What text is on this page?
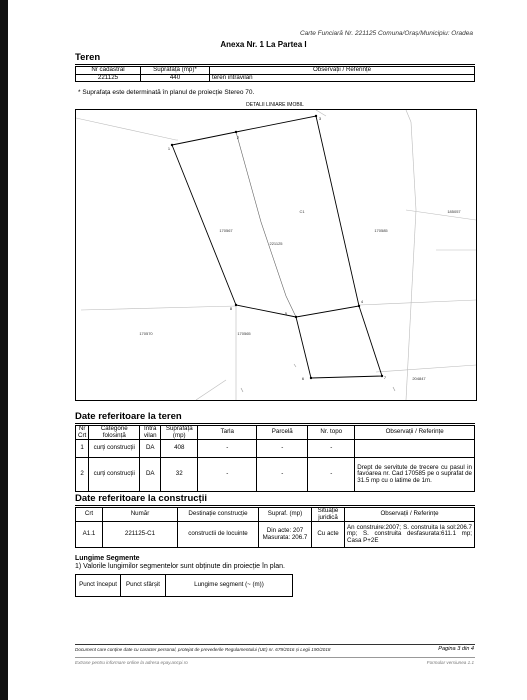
Carte Funciară Nr. 221125 Comuna/Oraș/Municipiu: Oradea
Anexa Nr. 1 La Partea I
Teren
Nr cadastral	Suprafața (mp)*	Observații / Referințe
221125	440	teren intravilan
* Suprafața este determinată în planul de proiecție Stereo 70.
1
2
3
4
5
6	7
8
221125
C1
170567	170585
185057
170570	170565
204847
DETALII LINIARE IMOBIL
Date referitoare la teren
Nr Crt	Categorie folosință	Intra vilan	Suprafața (mp)	Tarla	Parcelă	Nr. topo	Observații / Referințe
1	curți construcții	DA	408	-	-	-	
2	curți construcții	DA	32	-	-	-	Drept de servitute de trecere cu pasul in favoarea nr. Cad 170585 pe o suprafat de 31.5 mp cu o latime de 1m.
Date referitoare la construcții
Crt	Număr	Destinație construcție	Supraf. (mp)	Situație juridică	Observații / Referințe
A1.1	221125-C1	constructii de locuinte	Din acte: 207
Masurata: 206.7	Cu acte	An construire:2007; S. construita la sol:206.7 mp; S. construita desfasurata:611.1 mp; Casa P+2E
Lungime Segmente
1) Valorile lungimilor segmentelor sunt obținute din proiecție în plan.
Punct început	Punct sfârșit	Lungime segment (~ (m))
Document care conține date cu caracter personal, protejat de prevederile Regulamentului (UE) nr. 679/2016 și Legii 190/2018	Pagina 3 din 4
Extrase pentru informare online la adresa epay.ancpi.ro	Formular versiunea 1.1
